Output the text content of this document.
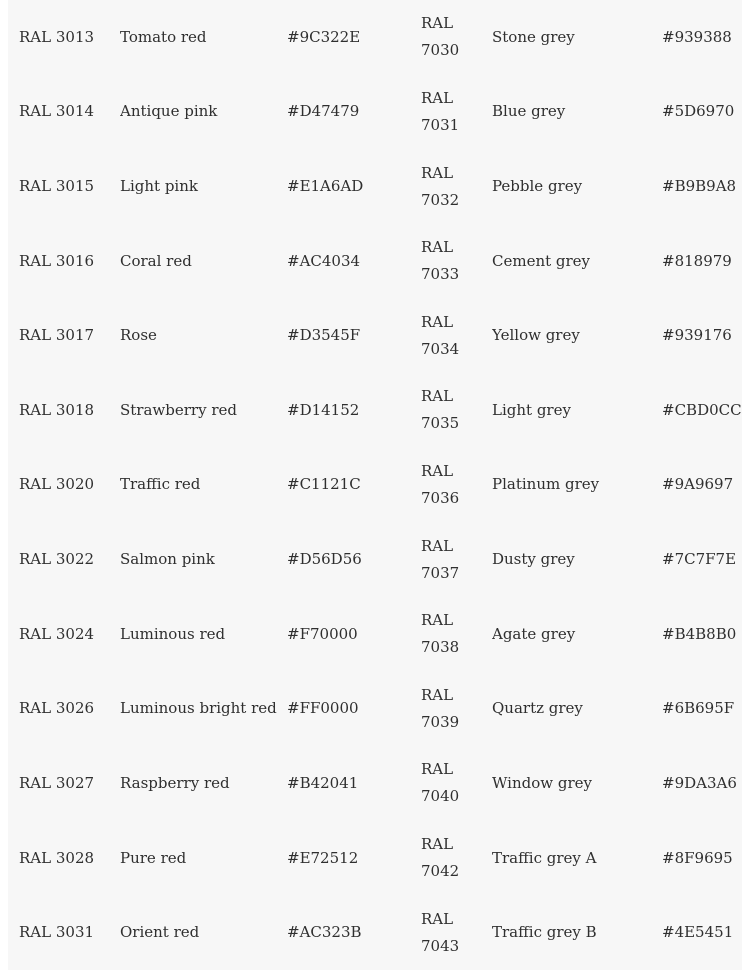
RAL 3013	Tomato red	#9C322E	RAL 7030	Stone grey	#939388
RAL 3014	Antique pink	#D47479	RAL 7031	Blue grey	#5D6970
RAL 3015	Light pink	#E1A6AD	RAL 7032	Pebble grey	#B9B9A8
RAL 3016	Coral red	#AC4034	RAL 7033	Cement grey	#818979
RAL 3017	Rose	#D3545F	RAL 7034	Yellow grey	#939176
RAL 3018	Strawberry red	#D14152	RAL 7035	Light grey	#CBD0CC
RAL 3020	Traffic red	#C1121C	RAL 7036	Platinum grey	#9A9697
RAL 3022	Salmon pink	#D56D56	RAL 7037	Dusty grey	#7C7F7E
RAL 3024	Luminous red	#F70000	RAL 7038	Agate grey	#B4B8B0
RAL 3026	Luminous bright red	#FF0000	RAL 7039	Quartz grey	#6B695F
RAL 3027	Raspberry red	#B42041	RAL 7040	Window grey	#9DA3A6
RAL 3028	Pure red	#E72512	RAL 7042	Traffic grey A	#8F9695
RAL 3031	Orient red	#AC323B	RAL 7043	Traffic grey B	#4E5451
